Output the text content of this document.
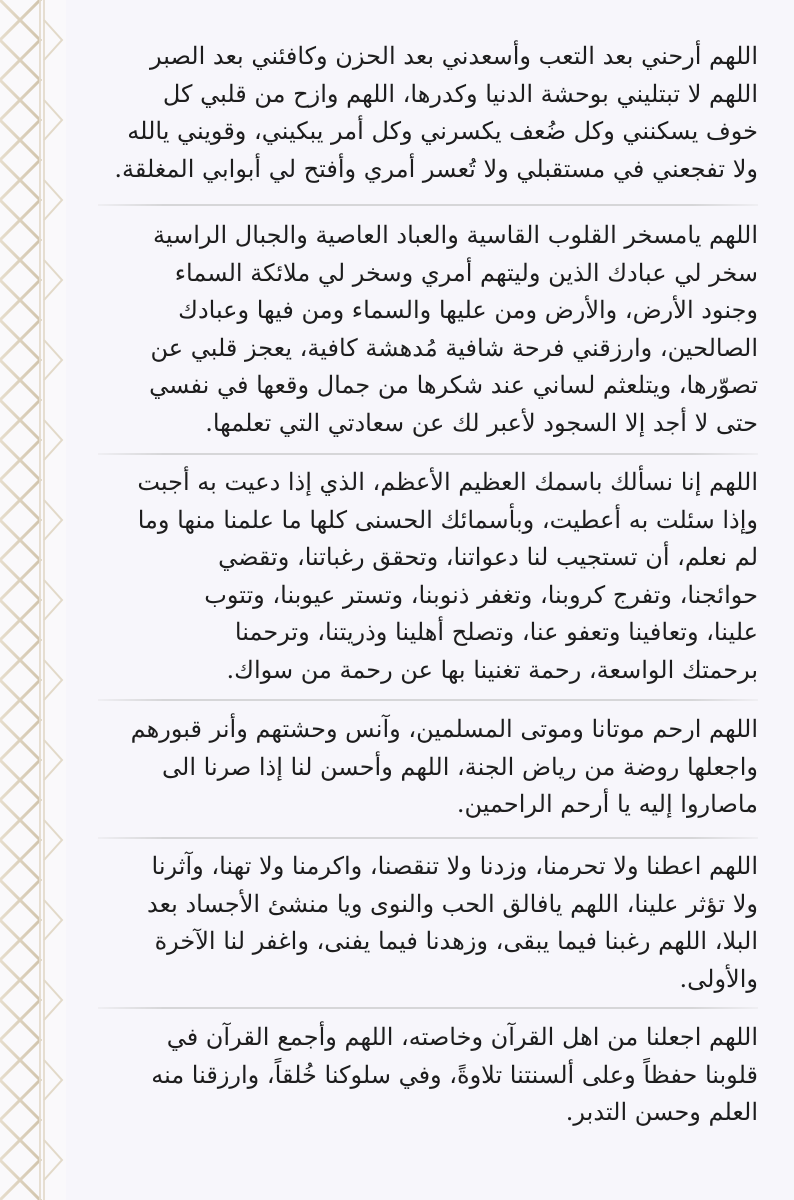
اللهم أرحني بعد التعب وأسعدني بعد الحزن وكافئني بعد الصبر
اللهم لا تبتليني بوحشة الدنيا وكدرها، اللهم وازح من قلبي كل
خوف يسكنني وكل ضُعف يكسرني وكل أمر يبكيني، وقويني يالله
ولا تفجعني في مستقبلي ولا تُعسر أمري وأفتح لي أبوابي المغلقة.
اللهم يامسخر القلوب القاسية والعباد العاصية والجبال الراسية
سخر لي عبادك الذين وليتهم أمري وسخر لي ملائكة السماء
وجنود الأرض، والأرض ومن عليها والسماء ومن فيها وعبادك
الصالحين، وارزقني فرحة شافية مُدهشة كافية، يعجز قلبي عن
تصوّرها، ويتلعثم لساني عند شكرها من جمال وقعها في نفسي
حتى لا أجد إلا السجود لأعبر لك عن سعادتي التي تعلمها.
اللهم إنا نسألك باسمك العظيم الأعظم، الذي إذا دعيت به أجبت
وإذا سئلت به أعطيت، وبأسمائك الحسنى كلها ما علمنا منها وما
لم نعلم، أن تستجيب لنا دعواتنا، وتحقق رغباتنا، وتقضي
حوائجنا، وتفرج كروبنا، وتغفر ذنوبنا، وتستر عيوبنا، وتتوب
علينا، وتعافينا وتعفو عنا، وتصلح أهلينا وذريتنا، وترحمنا
برحمتك الواسعة، رحمة تغنينا بها عن رحمة من سواك.
اللهم ارحم موتانا وموتى المسلمين، وآنس وحشتهم وأنر قبورهم
واجعلها روضة من رياض الجنة، اللهم وأحسن لنا إذا صرنا الى
ماصاروا إليه يا أرحم الراحمين.
اللهم اعطنا ولا تحرمنا، وزدنا ولا تنقصنا، واكرمنا ولا تهنا، وآثرنا
ولا تؤثر علينا، اللهم يافالق الحب والنوى ويا منشئ الأجساد بعد
البلا، اللهم رغبنا فيما يبقى، وزهدنا فيما يفنى، واغفر لنا الآخرة
والأولى.
اللهم اجعلنا من اهل القرآن وخاصته، اللهم وأجمع القرآن في
قلوبنا حفظاً وعلى ألسنتنا تلاوةً، وفي سلوكنا خُلقاً، وارزقنا منه
العلم وحسن التدبر.
